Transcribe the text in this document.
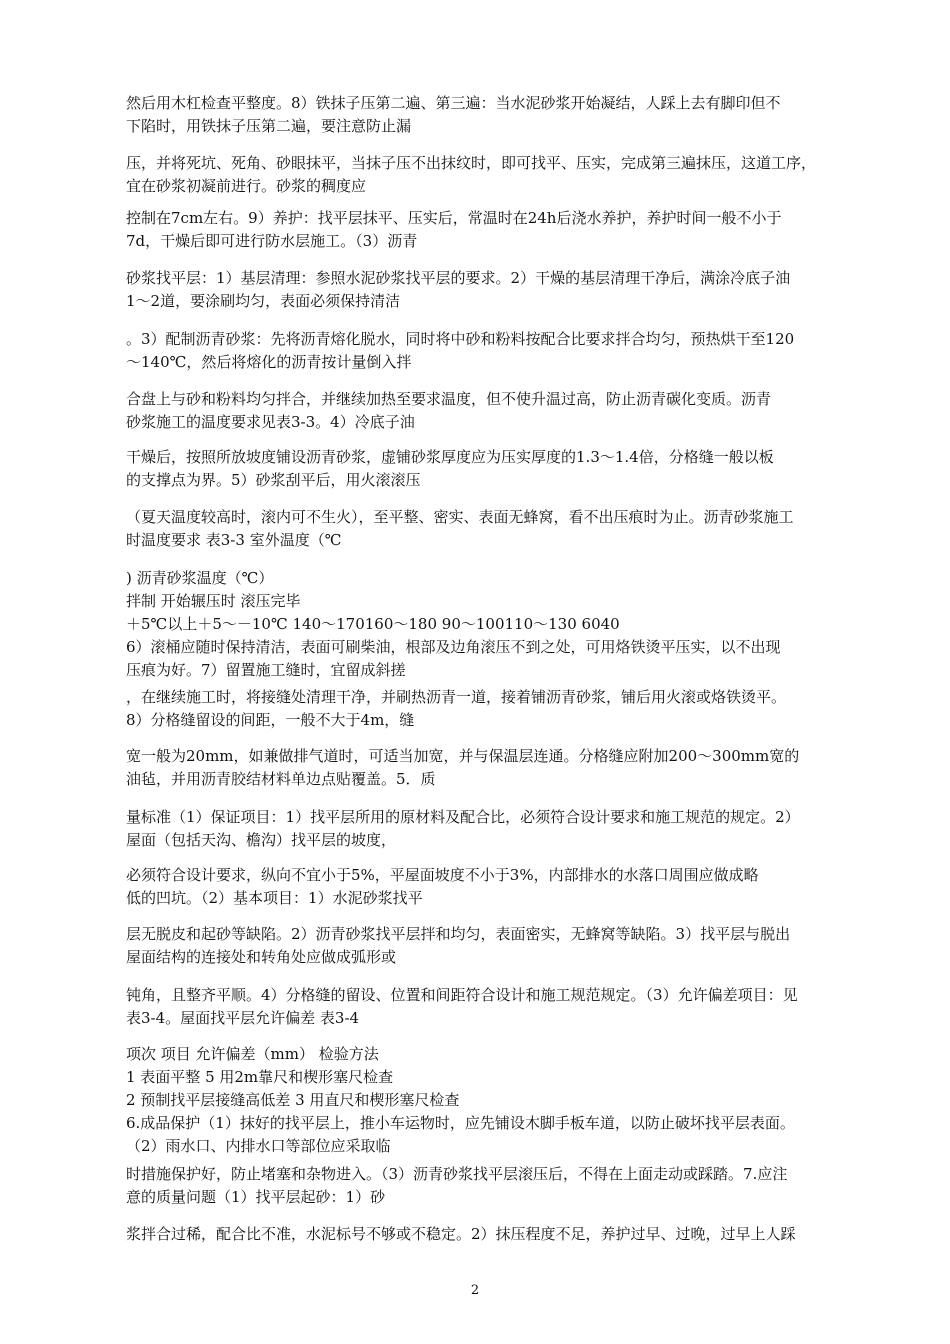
然后用木杠检查平整度。8）铁抹子压第二遍、第三遍：当水泥砂浆开始凝结，人踩上去有脚印但不
下陷时，用铁抹子压第二遍，要注意防止漏
压，并将死坑、死角、砂眼抹平，当抹子压不出抹纹时，即可找平、压实，完成第三遍抹压，这道工序，
宜在砂浆初凝前进行。砂浆的稠度应
控制在7cm左右。9）养护：找平层抹平、压实后，常温时在24h后浇水养护，养护时间一般不小于
7d，干燥后即可进行防水层施工。（3）沥青
砂浆找平层：1）基层清理：参照水泥砂浆找平层的要求。2）干燥的基层清理干净后，满涂冷底子油
1～2道，要涂刷均匀，表面必须保持清洁
。3）配制沥青砂浆：先将沥青熔化脱水，同时将中砂和粉料按配合比要求拌合均匀，预热烘干至120
～140℃，然后将熔化的沥青按计量倒入拌
合盘上与砂和粉料均匀拌合，并继续加热至要求温度，但不使升温过高，防止沥青碳化变质。沥青
砂浆施工的温度要求见表3-3。4）冷底子油
干燥后，按照所放坡度铺设沥青砂浆，虚铺砂浆厚度应为压实厚度的1.3～1.4倍，分格缝一般以板
的支撑点为界。5）砂浆刮平后，用火滚滚压
（夏天温度较高时，滚内可不生火），至平整、密实、表面无蜂窝，看不出压痕时为止。沥青砂浆施工
时温度要求 表3-3 室外温度（℃
) 沥青砂浆温度（℃）
拌制 开始辗压时 滚压完毕
＋5℃以上＋5～－10℃ 140～170160～180 90～100110～130 6040
6）滚桶应随时保持清洁，表面可刷柴油，根部及边角滚压不到之处，可用烙铁烫平压实，以不出现
压痕为好。7）留置施工缝时，宜留成斜搓
，在继续施工时，将接缝处清理干净，并刷热沥青一道，接着铺沥青砂浆，铺后用火滚或烙铁烫平。
8）分格缝留设的间距，一般不大于4m，缝
宽一般为20mm，如兼做排气道时，可适当加宽，并与保温层连通。分格缝应附加200～300mm宽的
油毡，并用沥青胶结材料单边点贴覆盖。5．质
量标准（1）保证项目：1）找平层所用的原材料及配合比，必须符合设计要求和施工规范的规定。2）
屋面（包括天沟、檐沟）找平层的坡度，
必须符合设计要求，纵向不宜小于5%，平屋面坡度不小于3%，内部排水的水落口周围应做成略
低的凹坑。（2）基本项目：1）水泥砂浆找平
层无脱皮和起砂等缺陷。2）沥青砂浆找平层拌和均匀，表面密实，无蜂窝等缺陷。3）找平层与脱出
屋面结构的连接处和转角处应做成弧形或
钝角，且整齐平顺。4）分格缝的留设、位置和间距符合设计和施工规范规定。（3）允许偏差项目：见
表3-4。屋面找平层允许偏差 表3-4
项次 项目 允许偏差（mm） 检验方法
1 表面平整 5 用2m靠尺和楔形塞尺检查
2 预制找平层接缝高低差 3 用直尺和楔形塞尺检查
6.成品保护（1）抹好的找平层上，推小车运物时，应先铺设木脚手板车道，以防止破坏找平层表面。
（2）雨水口、内排水口等部位应采取临
时措施保护好，防止堵塞和杂物进入。（3）沥青砂浆找平层滚压后，不得在上面走动或踩踏。7.应注
意的质量问题（1）找平层起砂：1）砂
浆拌合过稀，配合比不准，水泥标号不够或不稳定。2）抹压程度不足，养护过早、过晚，过早上人踩
2
